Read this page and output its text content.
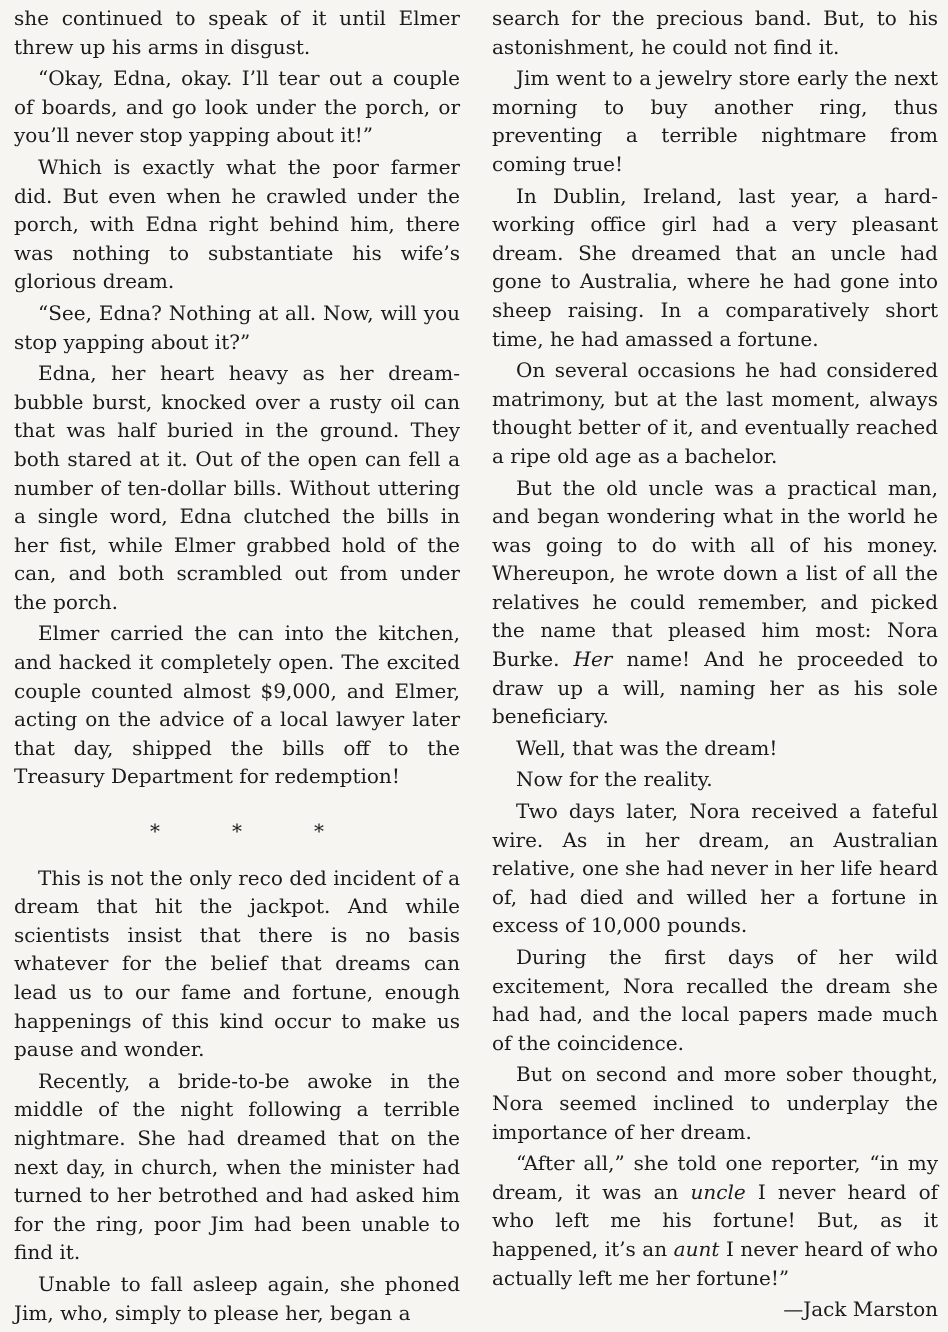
she continued to speak of it until Elmer threw up his arms in disgust.

“Okay, Edna, okay. I’ll tear out a couple of boards, and go look under the porch, or you’ll never stop yapping about it!”

Which is exactly what the poor farmer did. But even when he crawled under the porch, with Edna right behind him, there was nothing to substantiate his wife’s glorious dream.

“See, Edna? Nothing at all. Now, will you stop yapping about it?”

Edna, her heart heavy as her dream-bubble burst, knocked over a rusty oil can that was half buried in the ground. They both stared at it. Out of the open can fell a number of ten-dollar bills. Without uttering a single word, Edna clutched the bills in her fist, while Elmer grabbed hold of the can, and both scrambled out from under the porch.

Elmer carried the can into the kitchen, and hacked it completely open. The excited couple counted almost $9,000, and Elmer, acting on the advice of a local lawyer later that day, shipped the bills off to the Treasury Department for redemption!

*	*	*

This is not the only reco ded incident of a dream that hit the jackpot. And while scientists insist that there is no basis whatever for the belief that dreams can lead us to our fame and fortune, enough happenings of this kind occur to make us pause and wonder.

Recently, a bride-to-be awoke in the middle of the night following a terrible nightmare. She had dreamed that on the next day, in church, when the minister had turned to her betrothed and had asked him for the ring, poor Jim had been unable to find it.

Unable to fall asleep again, she phoned Jim, who, simply to please her, began a

search for the precious band. But, to his astonishment, he could not find it.

Jim went to a jewelry store early the next morning to buy another ring, thus preventing a terrible nightmare from coming true!

In Dublin, Ireland, last year, a hard-working office girl had a very pleasant dream. She dreamed that an uncle had gone to Australia, where he had gone into sheep raising. In a comparatively short time, he had amassed a fortune.

On several occasions he had considered matrimony, but at the last moment, always thought better of it, and eventually reached a ripe old age as a bachelor.

But the old uncle was a practical man, and began wondering what in the world he was going to do with all of his money. Whereupon, he wrote down a list of all the relatives he could remember, and picked the name that pleased him most: Nora Burke. Her name! And he proceeded to draw up a will, naming her as his sole beneficiary.

Well, that was the dream!

Now for the reality.

Two days later, Nora received a fateful wire. As in her dream, an Australian relative, one she had never in her life heard of, had died and willed her a fortune in excess of 10,000 pounds.

During the first days of her wild excitement, Nora recalled the dream she had had, and the local papers made much of the coincidence.

But on second and more sober thought, Nora seemed inclined to underplay the importance of her dream.

“After all,” she told one reporter, “in my dream, it was an uncle I never heard of who left me his fortune! But, as it happened, it’s an aunt I never heard of who actually left me her fortune!”

—Jack Marston
